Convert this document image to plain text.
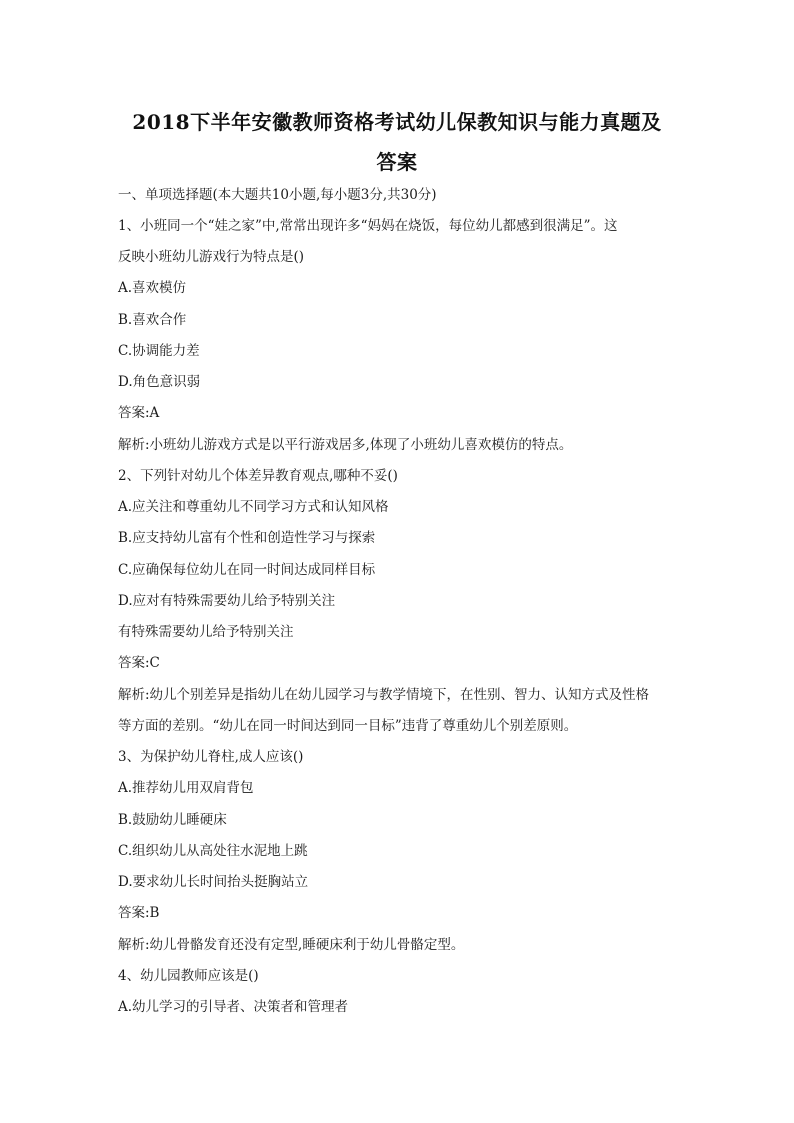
2018下半年安徽教师资格考试幼儿保教知识与能力真题及
答案
一、单项选择题(本大题共10小题,每小题3分,共30分)
1、小班同一个“娃之家”中,常常出现许多“妈妈在烧饭，每位幼儿都感到很满足”。这
反映小班幼儿游戏行为特点是()
A.喜欢模仿
B.喜欢合作
C.协调能力差
D.角色意识弱
答案:A
解析:小班幼儿游戏方式是以平行游戏居多,体现了小班幼儿喜欢模仿的特点。
2、下列针对幼儿个体差异教育观点,哪种不妥()
A.应关注和尊重幼儿不同学习方式和认知风格
B.应支持幼儿富有个性和创造性学习与探索
C.应确保每位幼儿在同一时间达成同样目标
D.应对有特殊需要幼儿给予特别关注
有特殊需要幼儿给予特别关注
答案:C
解析:幼儿个别差异是指幼儿在幼儿园学习与教学情境下，在性别、智力、认知方式及性格
等方面的差别。“幼儿在同一时间达到同一目标”违背了尊重幼儿个别差原则。
3、为保护幼儿脊柱,成人应该()
A.推荐幼儿用双肩背包
B.鼓励幼儿睡硬床
C.组织幼儿从高处往水泥地上跳
D.要求幼儿长时间抬头挺胸站立
答案:B
解析:幼儿骨骼发育还没有定型,睡硬床利于幼儿骨骼定型。
4、幼儿园教师应该是()
A.幼儿学习的引导者、决策者和管理者
